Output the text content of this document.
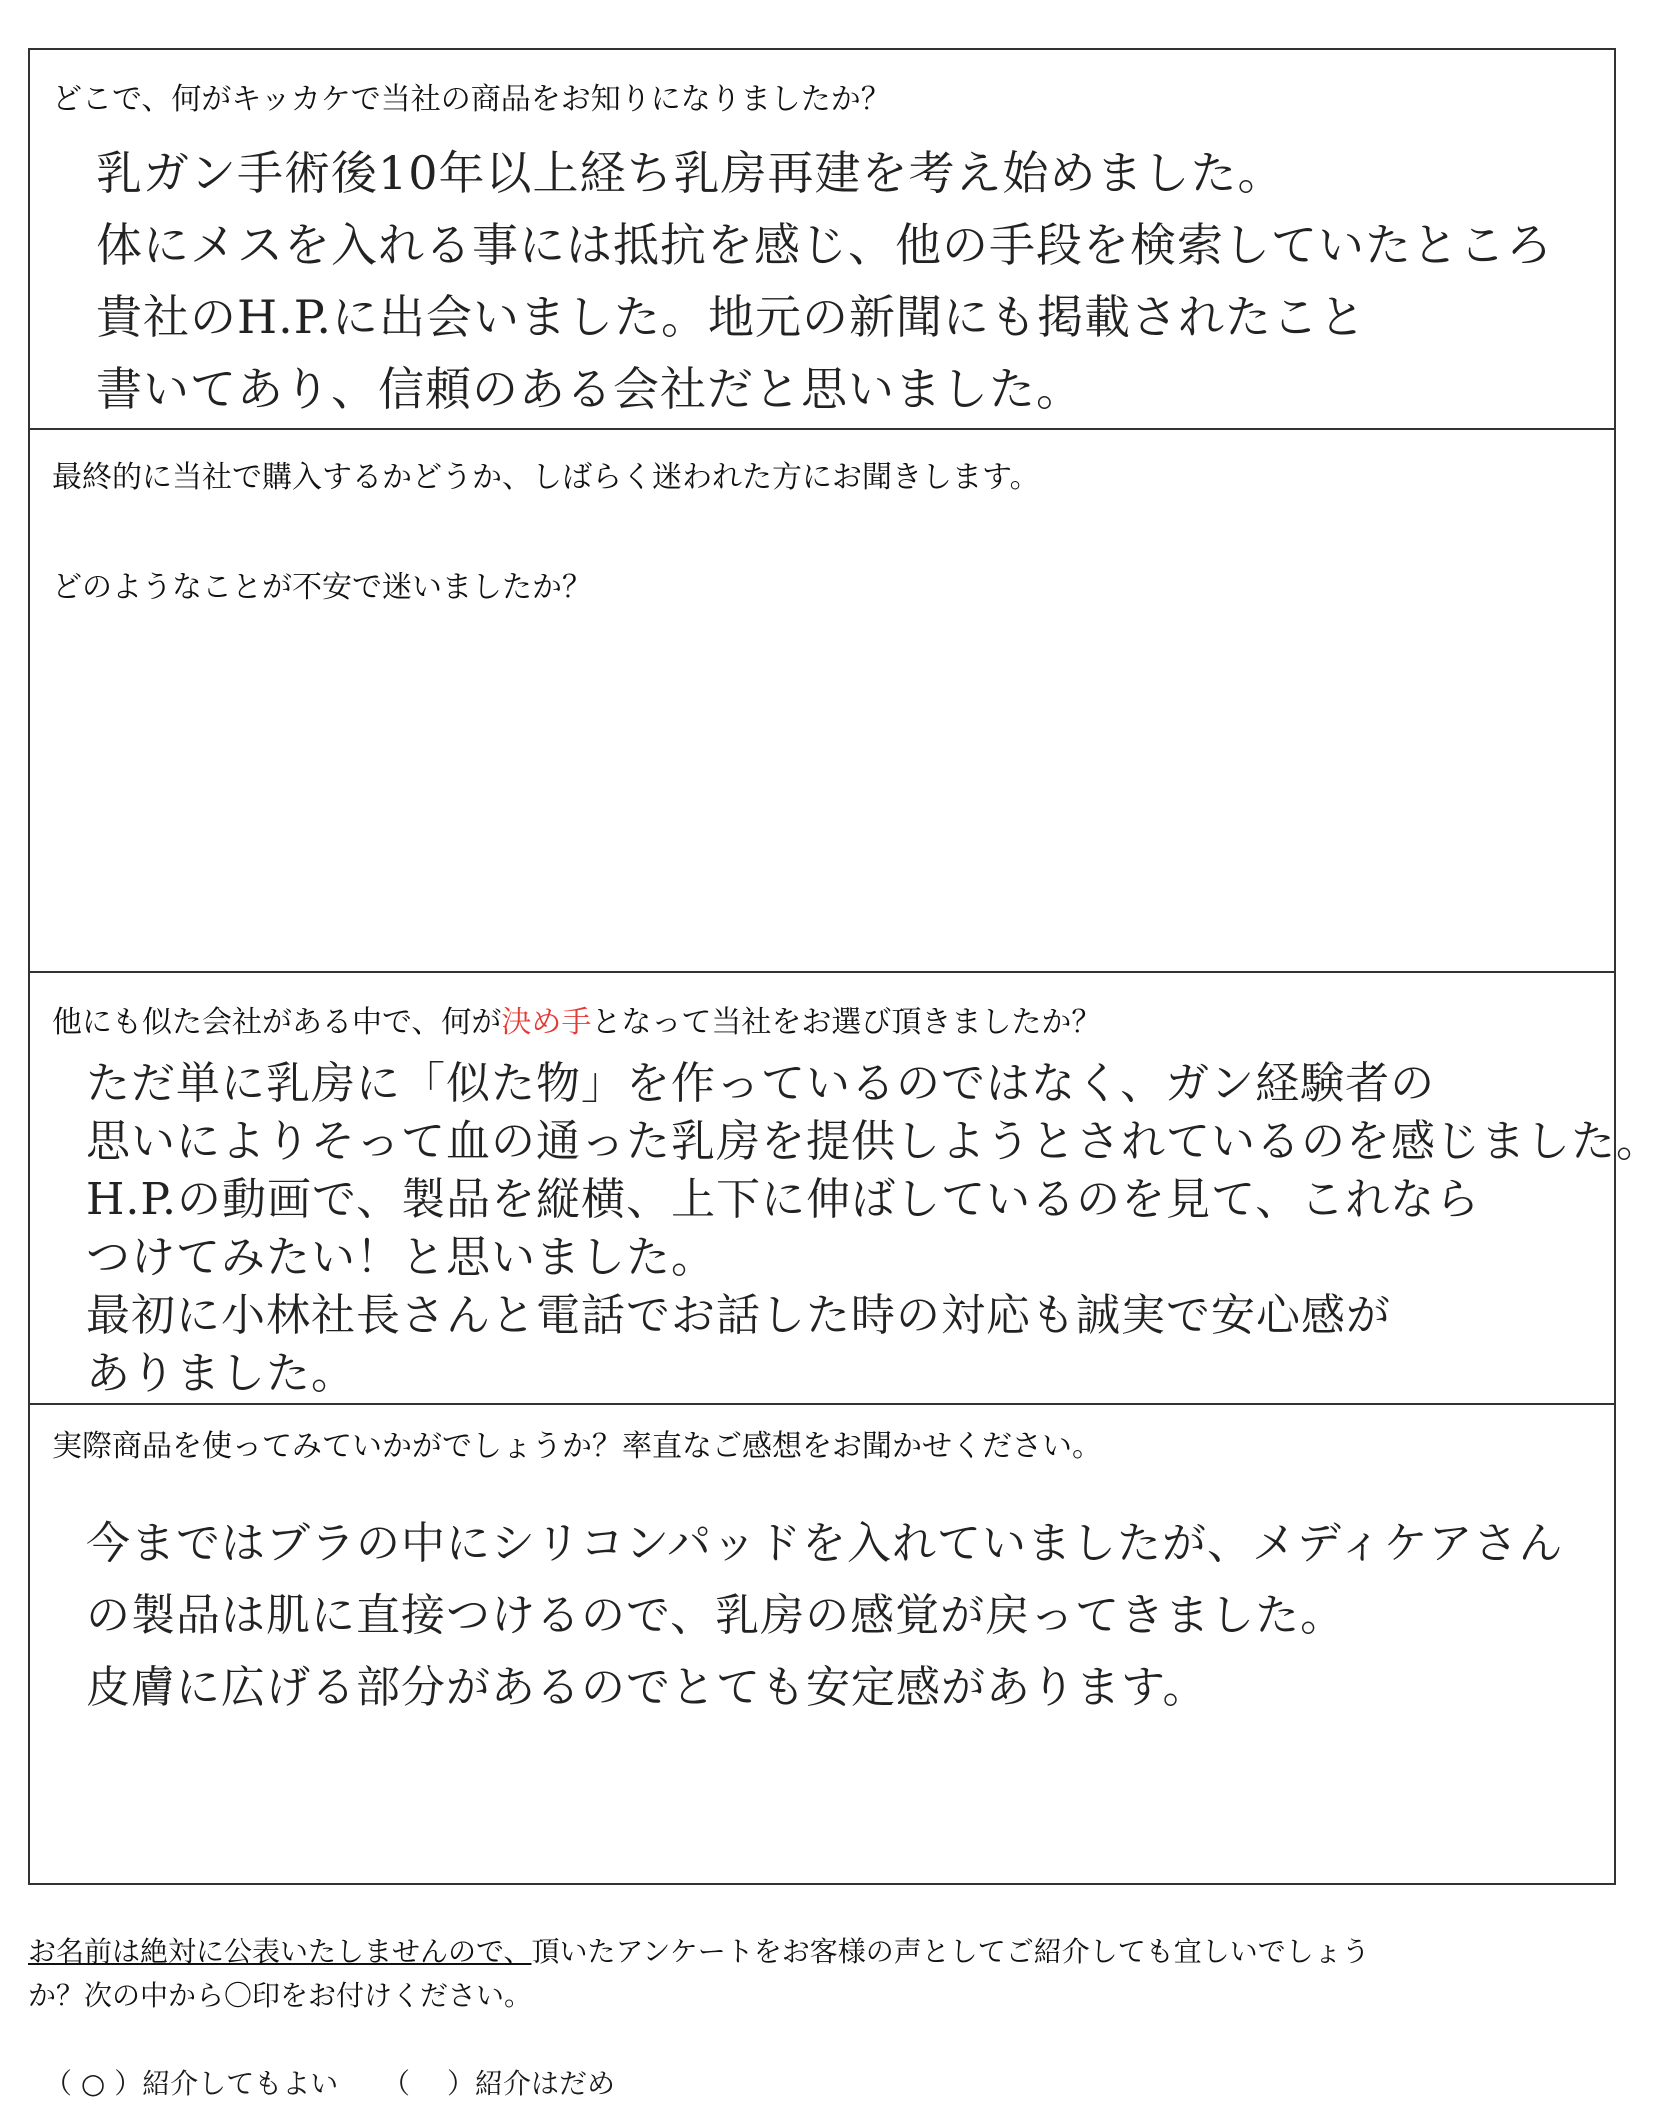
どこで、何がキッカケで当社の商品をお知りになりましたか？
乳ガン手術後10年以上経ち乳房再建を考え始めました。
体にメスを入れる事には抵抗を感じ、他の手段を検索していたところ
貴社のH.P.に出会いました。地元の新聞にも掲載されたこと
書いてあり、信頼のある会社だと思いました。
最終的に当社で購入するかどうか、しばらく迷われた方にお聞きします。
どのようなことが不安で迷いましたか？
他にも似た会社がある中で、何が決め手となって当社をお選び頂きましたか？
ただ単に乳房に「似た物」を作っているのではなく、ガン経験者の
思いによりそって血の通った乳房を提供しようとされているのを感じました。
H.P.の動画で、製品を縦横、上下に伸ばしているのを見て、これなら
つけてみたい！と思いました。
最初に小林社長さんと電話でお話した時の対応も誠実で安心感が
ありました。
実際商品を使ってみていかがでしょうか？率直なご感想をお聞かせください。
今まではブラの中にシリコンパッドを入れていましたが、メディケアさん
の製品は肌に直接つけるので、乳房の感覚が戻ってきました。
皮膚に広げる部分があるのでとても安定感があります。
お名前は絶対に公表いたしませんので、頂いたアンケートをお客様の声としてご紹介しても宜しいでしょう
か？次の中から〇印をお付けください。
（ ○ ）紹介してもよい （　 ）紹介はだめ
